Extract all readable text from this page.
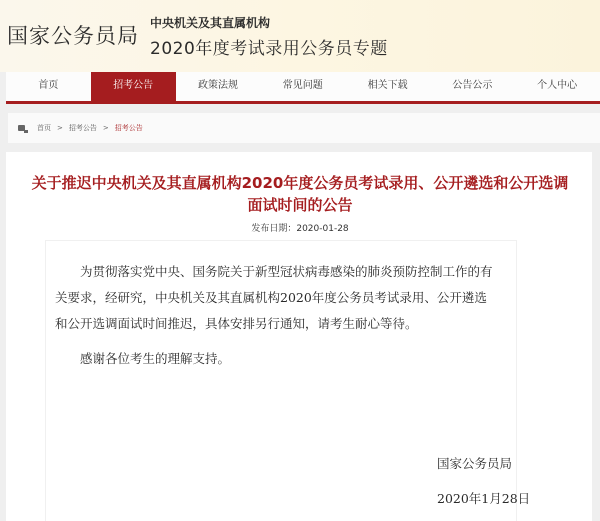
国家公务员局
中央机关及其直属机构
2020年度考试录用公务员专题
首页	招考公告	政策法规	常见问题	相关下载	公告公示	个人中心
首页 > 招考公告 > 招考公告
关于推迟中央机关及其直属机构2020年度公务员考试录用、公开遴选和公开选调
面试时间的公告
发布日期：2020-01-28

为贯彻落实党中央、国务院关于新型冠状病毒感染的肺炎预防控制工作的有关要求，经研究，中央机关及其直属机构2020年度公务员考试录用、公开遴选和公开选调面试时间推迟，具体安排另行通知，请考生耐心等待。

感谢各位考生的理解支持。

国家公务员局
2020年1月28日
